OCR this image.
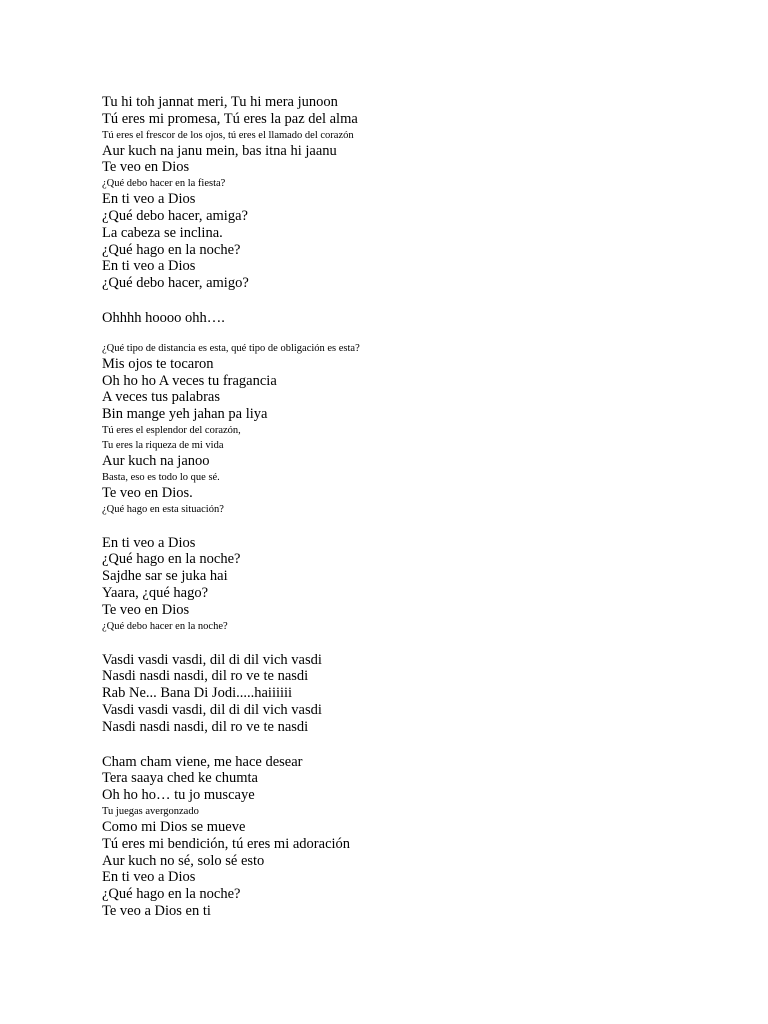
Tu hi toh jannat meri, Tu hi mera junoon
Tú eres mi promesa, Tú eres la paz del alma
Tú eres el frescor de los ojos, tú eres el llamado del corazón
Aur kuch na janu mein, bas itna hi jaanu
Te veo en Dios
¿Qué debo hacer en la fiesta?
En ti veo a Dios
¿Qué debo hacer, amiga?
La cabeza se inclina.
¿Qué hago en la noche?
En ti veo a Dios
¿Qué debo hacer, amigo?
Ohhhh hoooo ohh….
¿Qué tipo de distancia es esta, qué tipo de obligación es esta?
Mis ojos te tocaron
Oh ho ho A veces tu fragancia
A veces tus palabras
Bin mange yeh jahan pa liya
Tú eres el esplendor del corazón,
Tu eres la riqueza de mi vida
Aur kuch na janoo
Basta, eso es todo lo que sé.
Te veo en Dios.
¿Qué hago en esta situación?
En ti veo a Dios
¿Qué hago en la noche?
Sajdhe sar se juka hai
Yaara, ¿qué hago?
Te veo en Dios
¿Qué debo hacer en la noche?
Vasdi vasdi vasdi, dil di dil vich vasdi
Nasdi nasdi nasdi, dil ro ve te nasdi
Rab Ne... Bana Di Jodi.....haiiiiii
Vasdi vasdi vasdi, dil di dil vich vasdi
Nasdi nasdi nasdi, dil ro ve te nasdi
Cham cham viene, me hace desear
Tera saaya ched ke chumta
Oh ho ho… tu jo muscaye
Tu juegas avergonzado
Como mi Dios se mueve
Tú eres mi bendición, tú eres mi adoración
Aur kuch no sé, solo sé esto
En ti veo a Dios
¿Qué hago en la noche?
Te veo a Dios en ti
